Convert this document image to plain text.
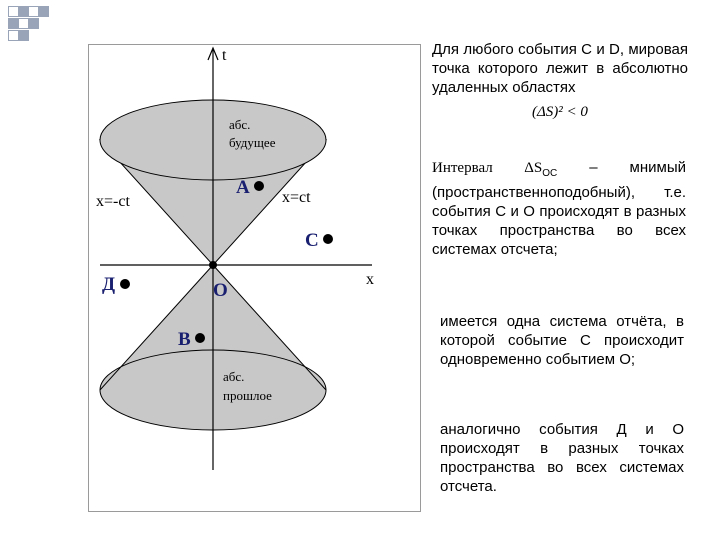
t
x
абс.
будущее
абс.
прошлое
x=-ct	x=ct
A
C
Д	O
B
Для любого события C и D, мировая точка которого лежит в абсолютно удаленных областях
(ΔS)² < 0
Интервал $\Delta S_{OC}$ – мнимый (пространственноподобный), т.е. события С и О происходят в разных точках пространства во всех системах отсчета;
имеется одна система отчёта, в которой событие С происходит одновременно событием О;
аналогично события Д и О происходят в разных точках пространства во всех системах отсчета.
